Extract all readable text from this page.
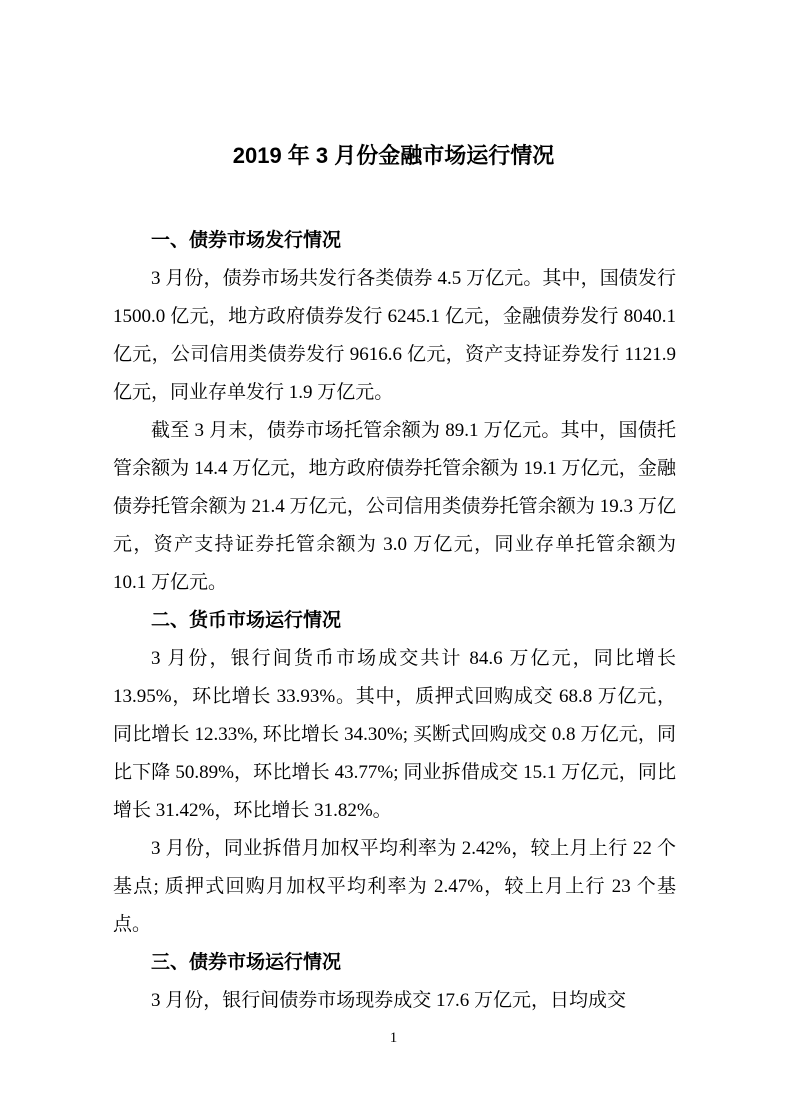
2019 年 3 月份金融市场运行情况
一、债券市场发行情况

3 月份，债券市场共发行各类债券 4.5 万亿元。其中，国债发行 1500.0 亿元，地方政府债券发行 6245.1 亿元，金融债券发行 8040.1 亿元，公司信用类债券发行 9616.6 亿元，资产支持证券发行 1121.9 亿元，同业存单发行 1.9 万亿元。

截至 3 月末，债券市场托管余额为 89.1 万亿元。其中，国债托管余额为 14.4 万亿元，地方政府债券托管余额为 19.1 万亿元，金融债券托管余额为 21.4 万亿元，公司信用类债券托管余额为 19.3 万亿元，资产支持证券托管余额为 3.0 万亿元，同业存单托管余额为 10.1 万亿元。

二、货币市场运行情况

3 月份，银行间货币市场成交共计 84.6 万亿元，同比增长 13.95%，环比增长 33.93%。其中，质押式回购成交 68.8 万亿元，同比增长 12.33%, 环比增长 34.30%; 买断式回购成交 0.8 万亿元，同比下降 50.89%，环比增长 43.77%; 同业拆借成交 15.1 万亿元，同比增长 31.42%，环比增长 31.82%。

3 月份，同业拆借月加权平均利率为 2.42%，较上月上行 22 个基点; 质押式回购月加权平均利率为 2.47%，较上月上行 23 个基点。

三、债券市场运行情况

3 月份，银行间债券市场现券成交 17.6 万亿元，日均成交

1
